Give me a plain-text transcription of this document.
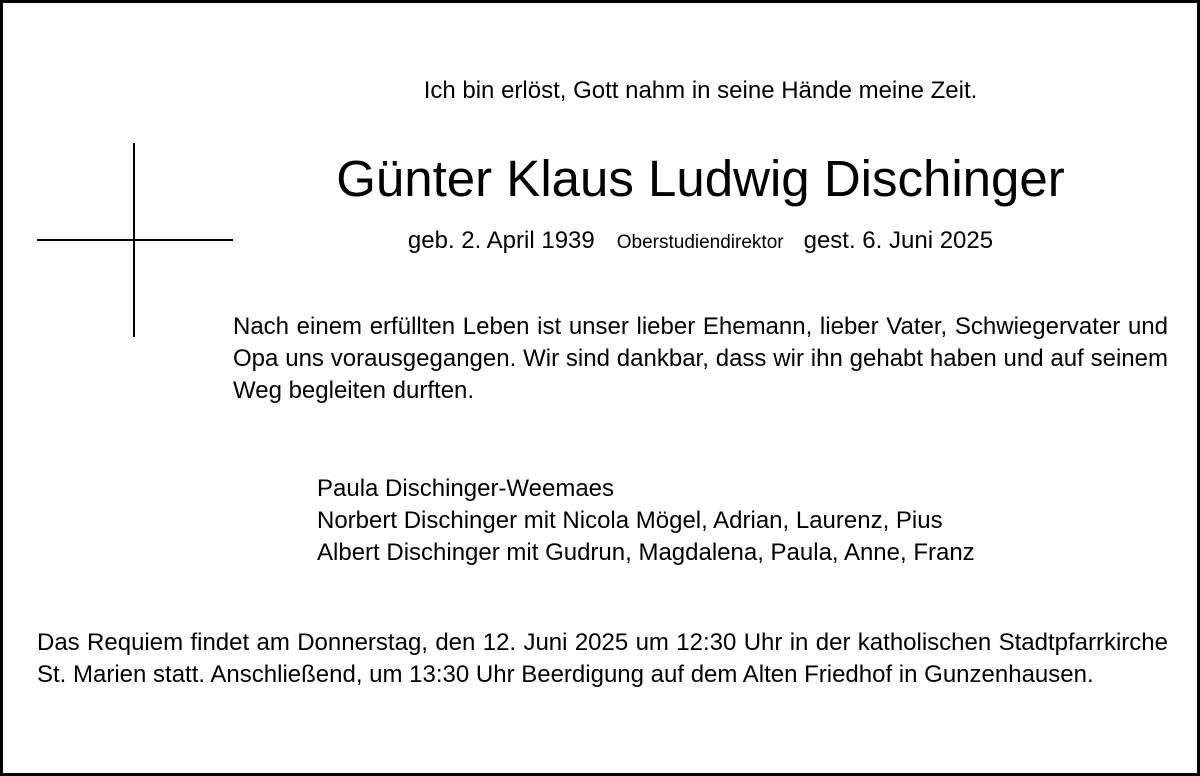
Ich bin erlöst, Gott nahm in seine Hände meine Zeit.
Günter Klaus Ludwig Dischinger
geb. 2. April 1939 Oberstudiendirektor gest. 6. Juni 2025
Nach einem erfüllten Leben ist unser lieber Ehemann, lieber Vater, Schwiegervater und Opa uns vorausgegangen. Wir sind dankbar, dass wir ihn gehabt haben und auf seinem Weg begleiten durften.
Paula Dischinger-Weemaes
Norbert Dischinger mit Nicola Mögel, Adrian, Laurenz, Pius
Albert Dischinger mit Gudrun, Magdalena, Paula, Anne, Franz
Das Requiem findet am Donnerstag, den 12. Juni 2025 um 12:30 Uhr in der katholischen Stadtpfarrkirche St. Marien statt. Anschließend, um 13:30 Uhr Beerdigung auf dem Alten Friedhof in Gunzenhausen.
